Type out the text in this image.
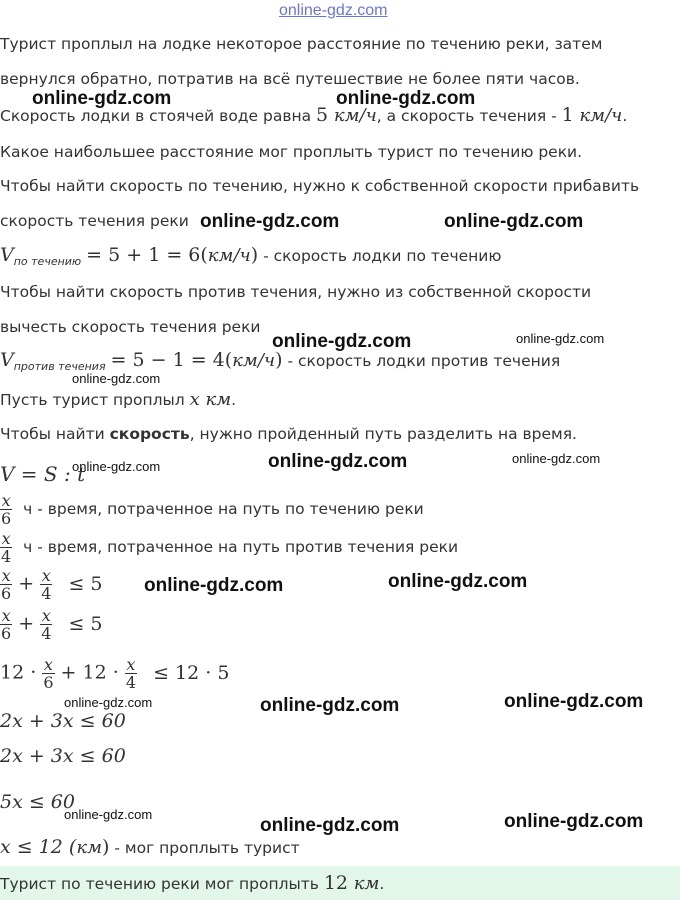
online-gdz.com
Турист проплыл на лодке некоторое расстояние по течению реки, затем
вернулся обратно, потратив на всё путешествие не более пяти часов.
Скорость лодки в стоячей воде равна 5 км/ч, а скорость течения - 1 км/ч.
Какое наибольшее расстояние мог проплыть турист по течению реки.
Чтобы найти скорость по течению, нужно к собственной скорости прибавить
скорость течения реки
$V_{по течению} = 5 + 1 = 6(км/ч)$ - скорость лодки по течению
Чтобы найти скорость против течения, нужно из собственной скорости
вычесть скорость течения реки
$V_{против течения} = 5 - 1 = 4(км/ч)$ - скорость лодки против течения
Пусть турист проплыл x км.
Чтобы найти скорость, нужно пройденный путь разделить на время.
V = S : t
$\frac{x}{6}$ ч - время, потраченное на путь по течению реки
$\frac{x}{4}$ ч - время, потраченное на путь против течения реки
$\frac{x}{6} + \frac{x}{4} \le 5$
$\frac{x}{6} + \frac{x}{4} \le 5$
$12 \cdot \frac{x}{6} + 12 \cdot \frac{x}{4} \le 12 \cdot 5$
2x + 3x ≤ 60
2x + 3x ≤ 60
5x ≤ 60
x ≤ 12 (км) - мог проплыть турист
Турист по течению реки мог проплыть 12 км.
online-gdz.com	online-gdz.com
online-gdz.com	online-gdz.com
online-gdz.com	online-gdz.com
online-gdz.com
online-gdz.com	online-gdz.com
online-gdz.com
online-gdz.com	online-gdz.com
online-gdz.com	online-gdz.com	online-gdz.com
online-gdz.com
online-gdz.com	online-gdz.com
